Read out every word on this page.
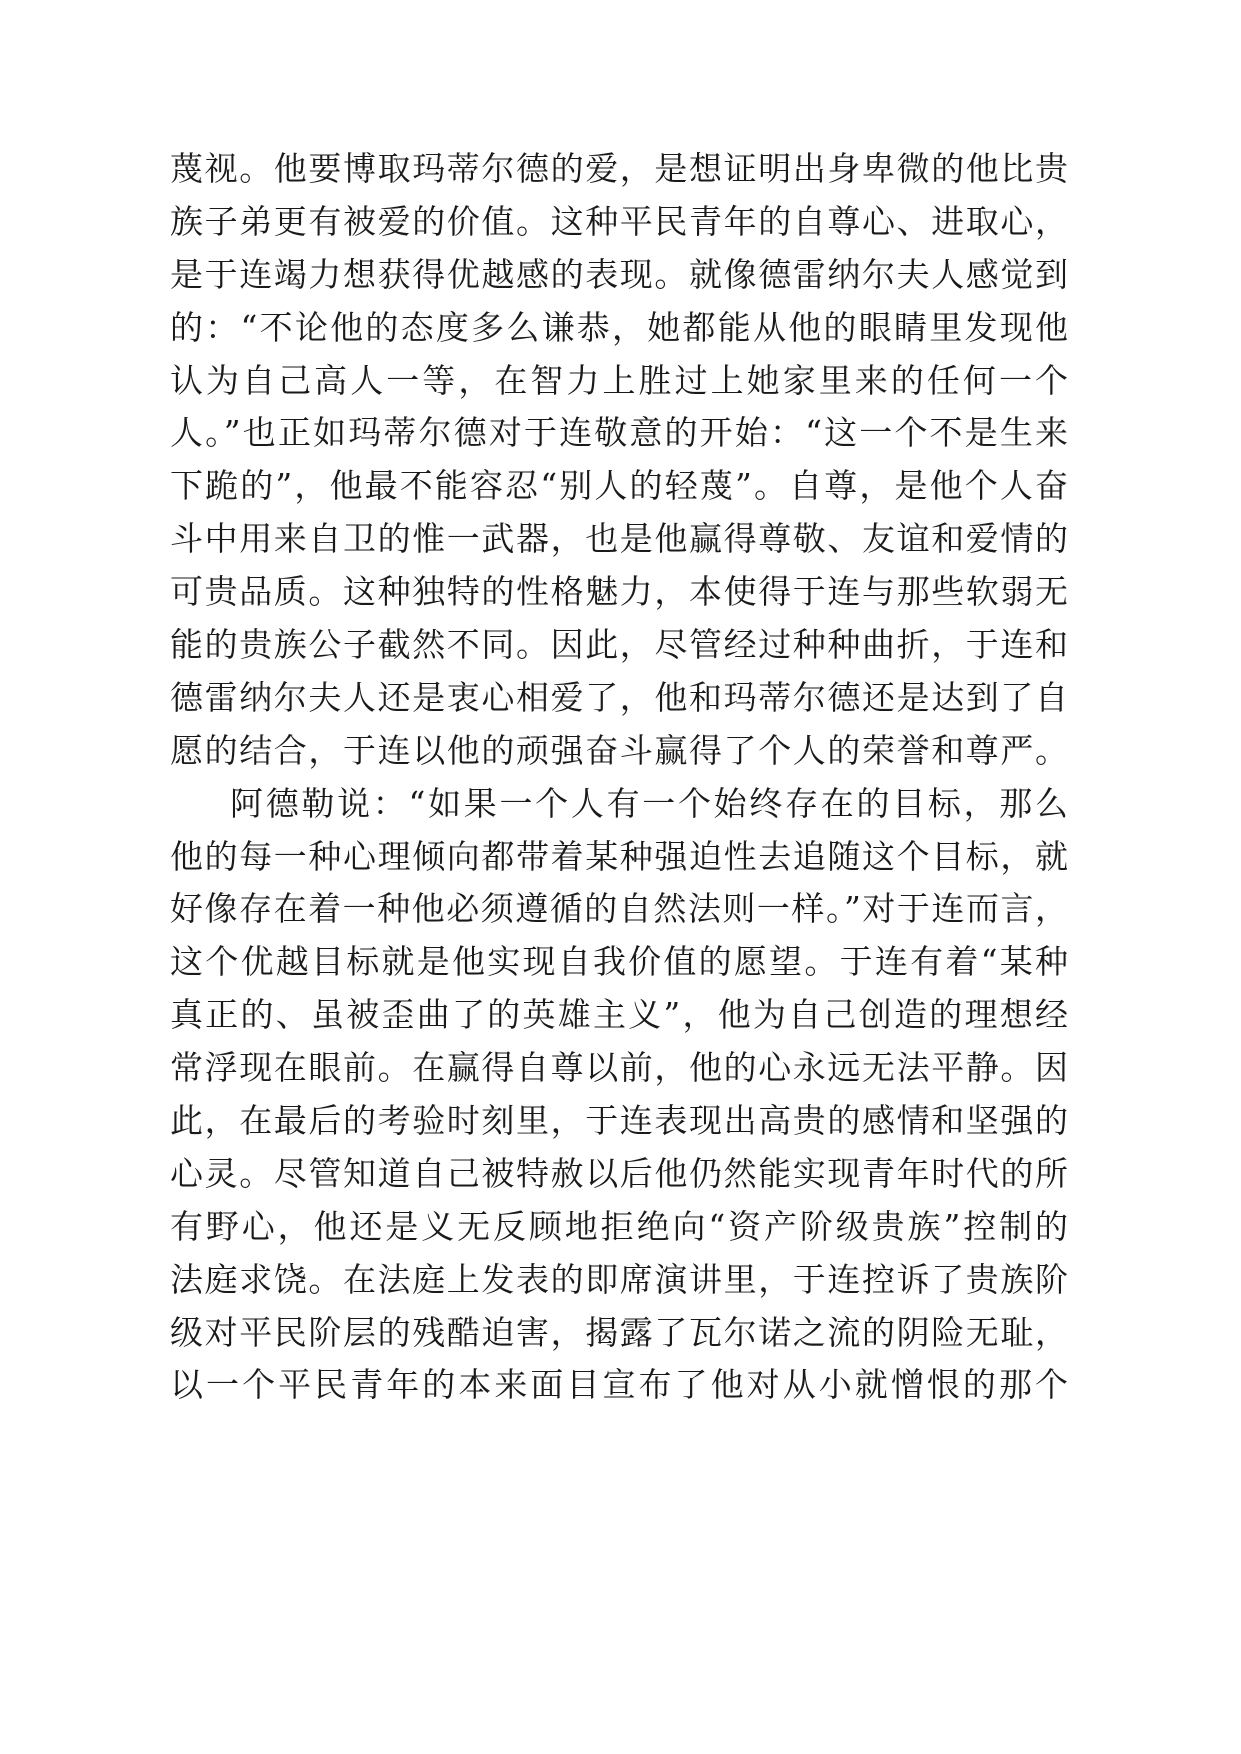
蔑视。他要博取玛蒂尔德的爱，是想证明出身卑微的他比贵
族子弟更有被爱的价值。这种平民青年的自尊心、进取心，
是于连竭力想获得优越感的表现。就像德雷纳尔夫人感觉到
的：“不论他的态度多么谦恭，她都能从他的眼睛里发现他
认为自己高人一等，在智力上胜过上她家里来的任何一个
人。”也正如玛蒂尔德对于连敬意的开始：“这一个不是生来
下跪的”，他最不能容忍“别人的轻蔑”。自尊，是他个人奋
斗中用来自卫的惟一武器，也是他赢得尊敬、友谊和爱情的
可贵品质。这种独特的性格魅力，本使得于连与那些软弱无
能的贵族公子截然不同。因此，尽管经过种种曲折，于连和
德雷纳尔夫人还是衷心相爱了，他和玛蒂尔德还是达到了自
愿的结合，于连以他的顽强奋斗赢得了个人的荣誉和尊严。
阿德勒说：“如果一个人有一个始终存在的目标，那么
他的每一种心理倾向都带着某种强迫性去追随这个目标，就
好像存在着一种他必须遵循的自然法则一样。”对于连而言，
这个优越目标就是他实现自我价值的愿望。于连有着“某种
真正的、虽被歪曲了的英雄主义”，他为自己创造的理想经
常浮现在眼前。在赢得自尊以前，他的心永远无法平静。因
此，在最后的考验时刻里，于连表现出高贵的感情和坚强的
心灵。尽管知道自己被特赦以后他仍然能实现青年时代的所
有野心，他还是义无反顾地拒绝向“资产阶级贵族”控制的
法庭求饶。在法庭上发表的即席演讲里，于连控诉了贵族阶
级对平民阶层的残酷迫害，揭露了瓦尔诺之流的阴险无耻，
以一个平民青年的本来面目宣布了他对从小就憎恨的那个
